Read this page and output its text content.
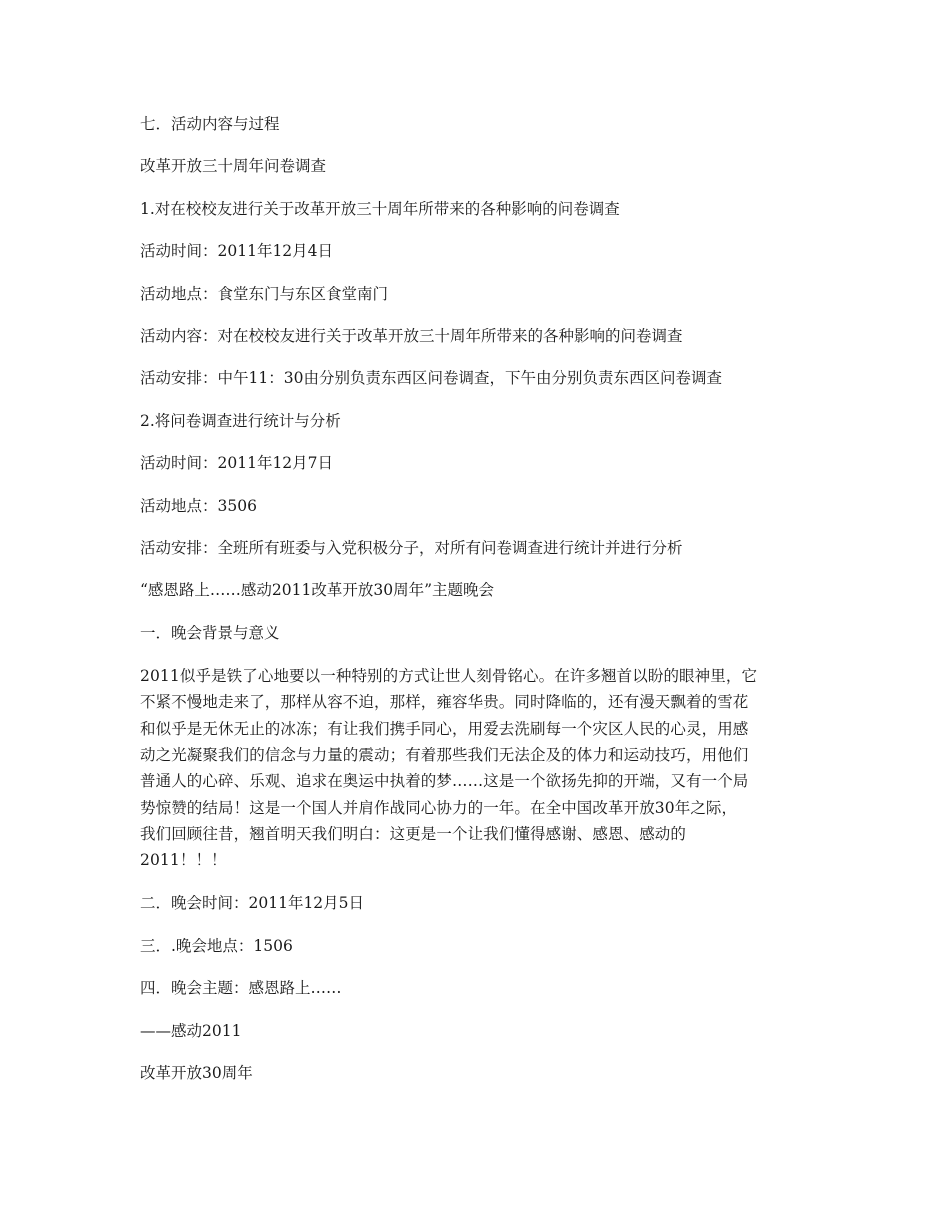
七．活动内容与过程
改革开放三十周年问卷调查
1.对在校校友进行关于改革开放三十周年所带来的各种影响的问卷调查
活动时间：2011年12月4日
活动地点：食堂东门与东区食堂南门
活动内容：对在校校友进行关于改革开放三十周年所带来的各种影响的问卷调查
活动安排：中午11：30由分别负责东西区问卷调查，下午由分别负责东西区问卷调查
2.将问卷调查进行统计与分析
活动时间：2011年12月7日
活动地点：3506
活动安排：全班所有班委与入党积极分子，对所有问卷调查进行统计并进行分析
“感恩路上……感动2011改革开放30周年”主题晚会
一．晚会背景与意义
2011似乎是铁了心地要以一种特别的方式让世人刻骨铭心。在许多翘首以盼的眼神里，它
不紧不慢地走来了，那样从容不迫，那样，雍容华贵。同时降临的，还有漫天飘着的雪花
和似乎是无休无止的冰冻；有让我们携手同心，用爱去洗刷每一个灾区人民的心灵，用感
动之光凝聚我们的信念与力量的震动；有着那些我们无法企及的体力和运动技巧，用他们
普通人的心碎、乐观、追求在奥运中执着的梦……这是一个欲扬先抑的开端，又有一个局
势惊赞的结局！这是一个国人并肩作战同心协力的一年。在全中国改革开放30年之际，
我们回顾往昔，翘首明天我们明白：这更是一个让我们懂得感谢、感恩、感动的
2011！！！
二．晚会时间：2011年12月5日
三．.晚会地点：1506
四．晚会主题：感恩路上……
——感动2011
改革开放30周年
